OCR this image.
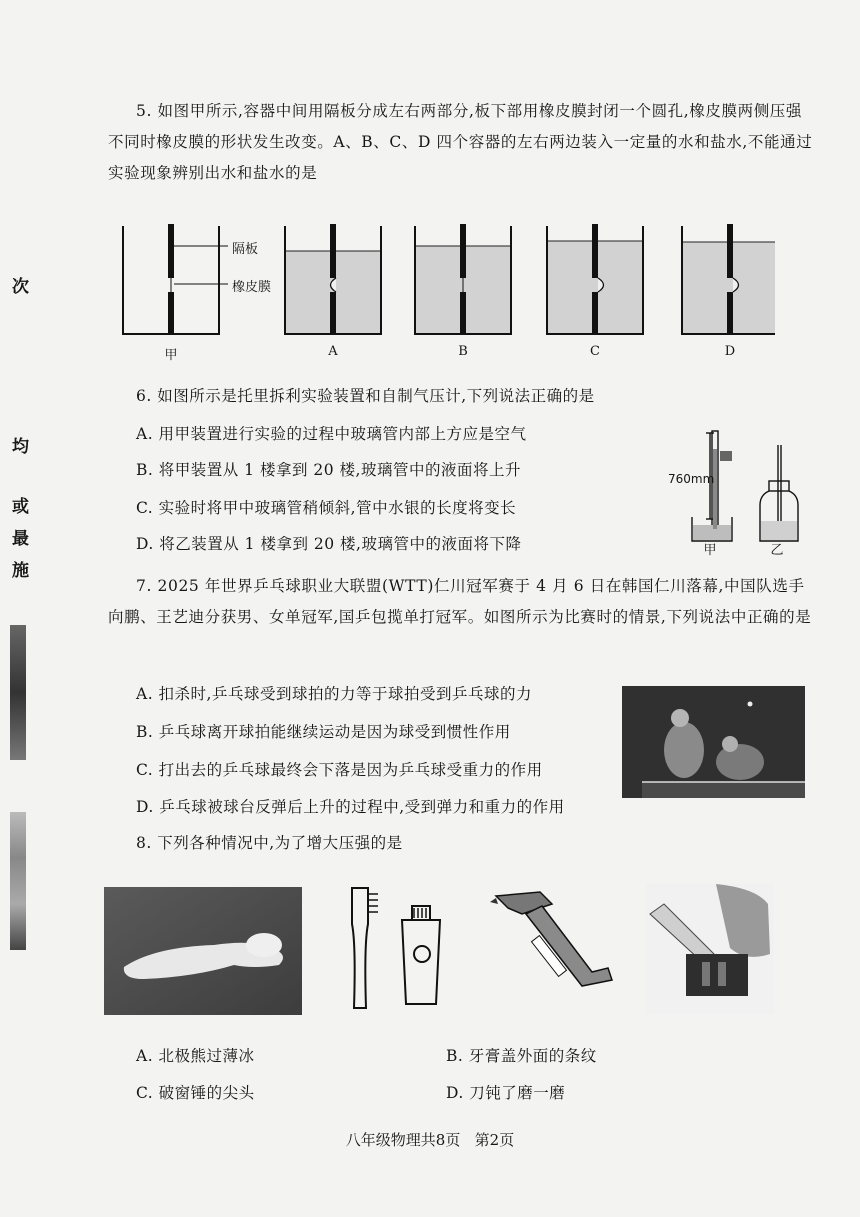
次
均
或
最
施
5. 如图甲所示,容器中间用隔板分成左右两部分,板下部用橡皮膜封闭一个圆孔,橡皮膜两侧压强不同时橡皮膜的形状发生改变。A、B、C、D 四个容器的左右两边装入一定量的水和盐水,不能通过实验现象辨别出水和盐水的是
隔板
橡皮膜
甲	A	B	C	D
6. 如图所示是托里拆利实验装置和自制气压计,下列说法正确的是
A. 用甲装置进行实验的过程中玻璃管内部上方应是空气
B. 将甲装置从 1 楼拿到 20 楼,玻璃管中的液面将上升
C. 实验时将甲中玻璃管稍倾斜,管中水银的长度将变长
D. 将乙装置从 1 楼拿到 20 楼,玻璃管中的液面将下降
760mm
甲	乙
7. 2025 年世界乒乓球职业大联盟(WTT)仁川冠军赛于 4 月 6 日在韩国仁川落幕,中国队选手向鹏、王艺迪分获男、女单冠军,国乒包揽单打冠军。如图所示为比赛时的情景,下列说法中正确的是
A. 扣杀时,乒乓球受到球拍的力等于球拍受到乒乓球的力
B. 乒乓球离开球拍能继续运动是因为球受到惯性作用
C. 打出去的乒乓球最终会下落是因为乒乓球受重力的作用
D. 乒乓球被球台反弹后上升的过程中,受到弹力和重力的作用
8. 下列各种情况中,为了增大压强的是
A. 北极熊过薄冰	B. 牙膏盖外面的条纹
C. 破窗锤的尖头	D. 刀钝了磨一磨
八年级物理共8页   第2页
